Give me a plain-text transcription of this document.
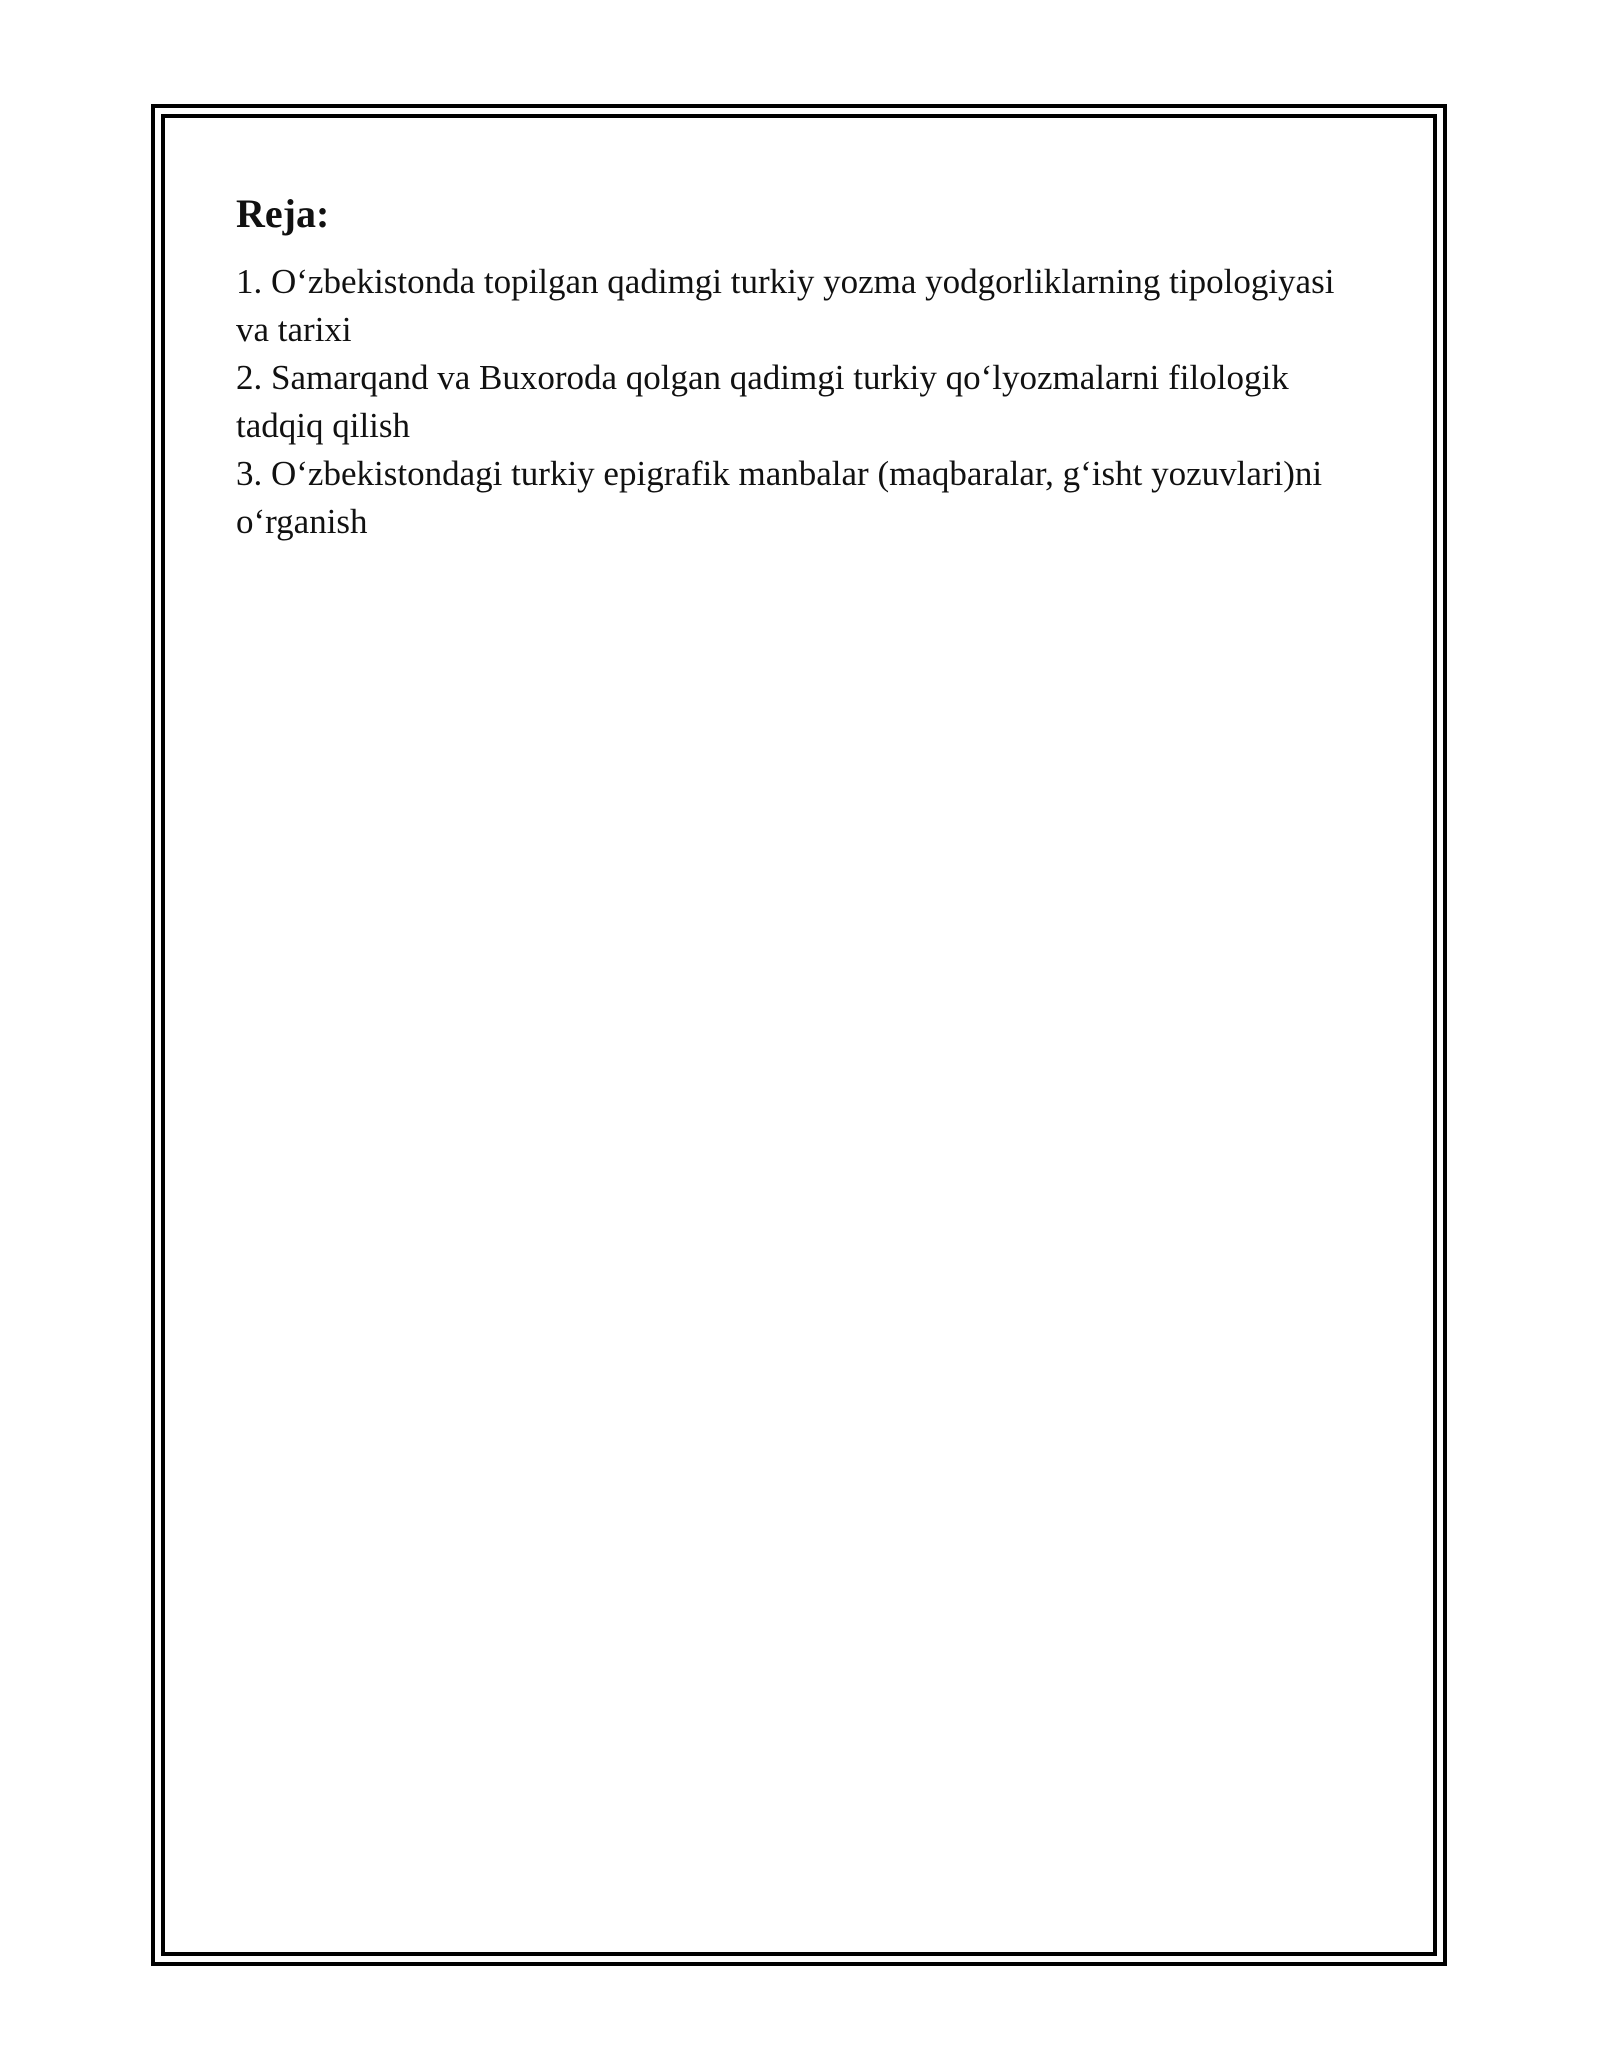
Reja:
1. O‘zbekistonda topilgan qadimgi turkiy yozma yodgorliklarning tipologiyasi va tarixi
2. Samarqand va Buxoroda qolgan qadimgi turkiy qo‘lyozmalarni filologik tadqiq qilish
3. O‘zbekistondagi turkiy epigrafik manbalar (maqbaralar, g‘isht yozuvlari)ni o‘rganish
